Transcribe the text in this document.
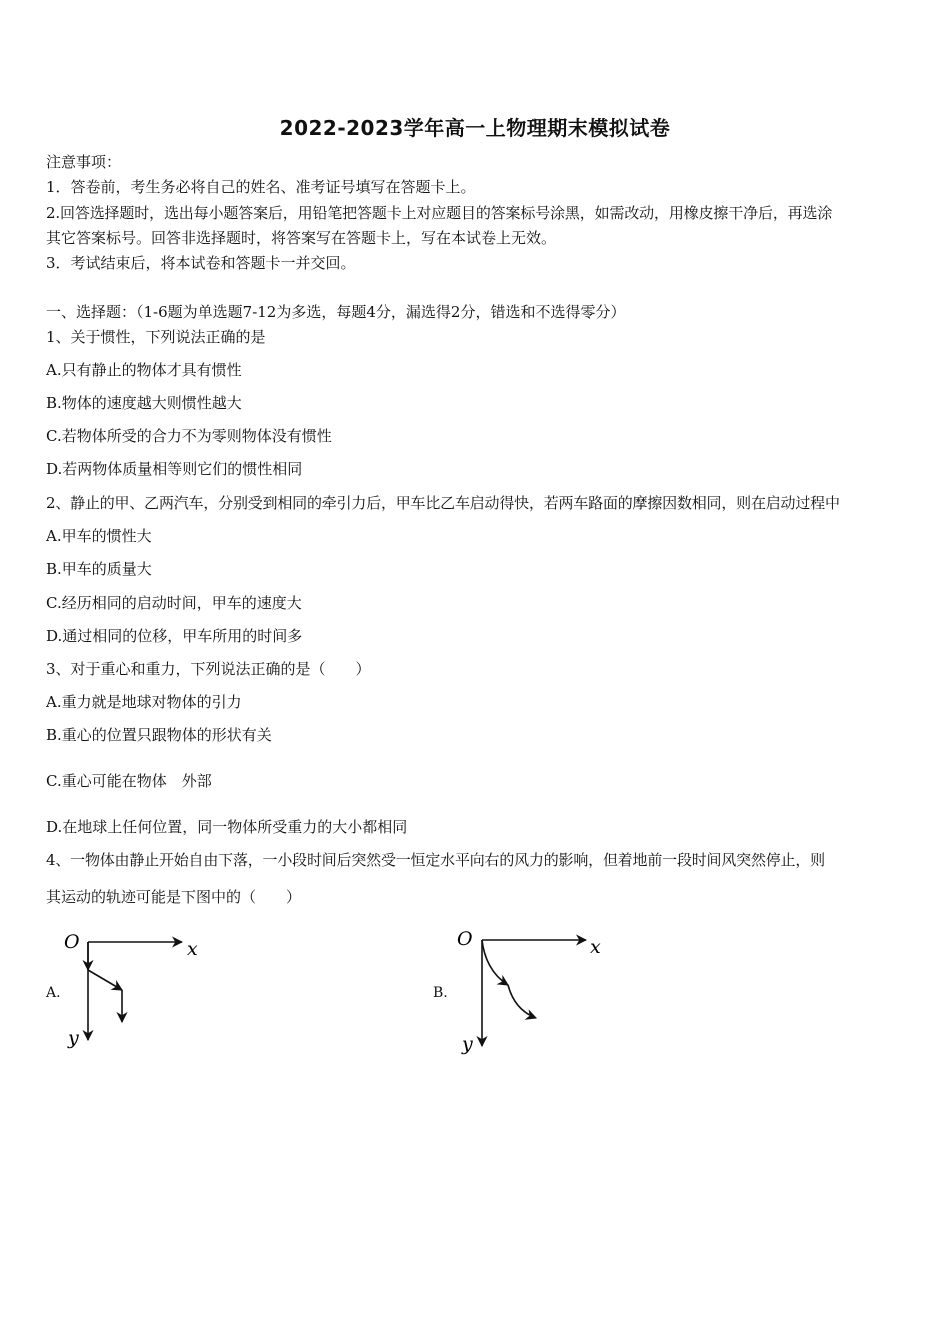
2022-2023学年高一上物理期末模拟试卷
注意事项：
1．答卷前，考生务必将自己的姓名、准考证号填写在答题卡上。
2.回答选择题时，选出每小题答案后，用铅笔把答题卡上对应题目的答案标号涂黑，如需改动，用橡皮擦干净后，再选涂
其它答案标号。回答非选择题时，将答案写在答题卡上，写在本试卷上无效。
3．考试结束后，将本试卷和答题卡一并交回。
一、选择题：（1-6题为单选题7-12为多选，每题4分，漏选得2分，错选和不选得零分）
1、关于惯性，下列说法正确的是
A.只有静止的物体才具有惯性
B.物体的速度越大则惯性越大
C.若物体所受的合力不为零则物体没有惯性
D.若两物体质量相等则它们的惯性相同
2、静止的甲、乙两汽车，分别受到相同的牵引力后，甲车比乙车启动得快，若两车路面的摩擦因数相同，则在启动过程中
A.甲车的惯性大
B.甲车的质量大
C.经历相同的启动时间，甲车的速度大
D.通过相同的位移，甲车所用的时间多
3、对于重心和重力，下列说法正确的是（　　）
A.重力就是地球对物体的引力
B.重心的位置只跟物体的形状有关
C.重心可能在物体　外部
D.在地球上任何位置，同一物体所受重力的大小都相同
4、一物体由静止开始自由下落，一小段时间后突然受一恒定水平向右的风力的影响，但着地前一段时间风突然停止，则
其运动的轨迹可能是下图中的（　　）
A.
O	x
y
O	x
y
B.
